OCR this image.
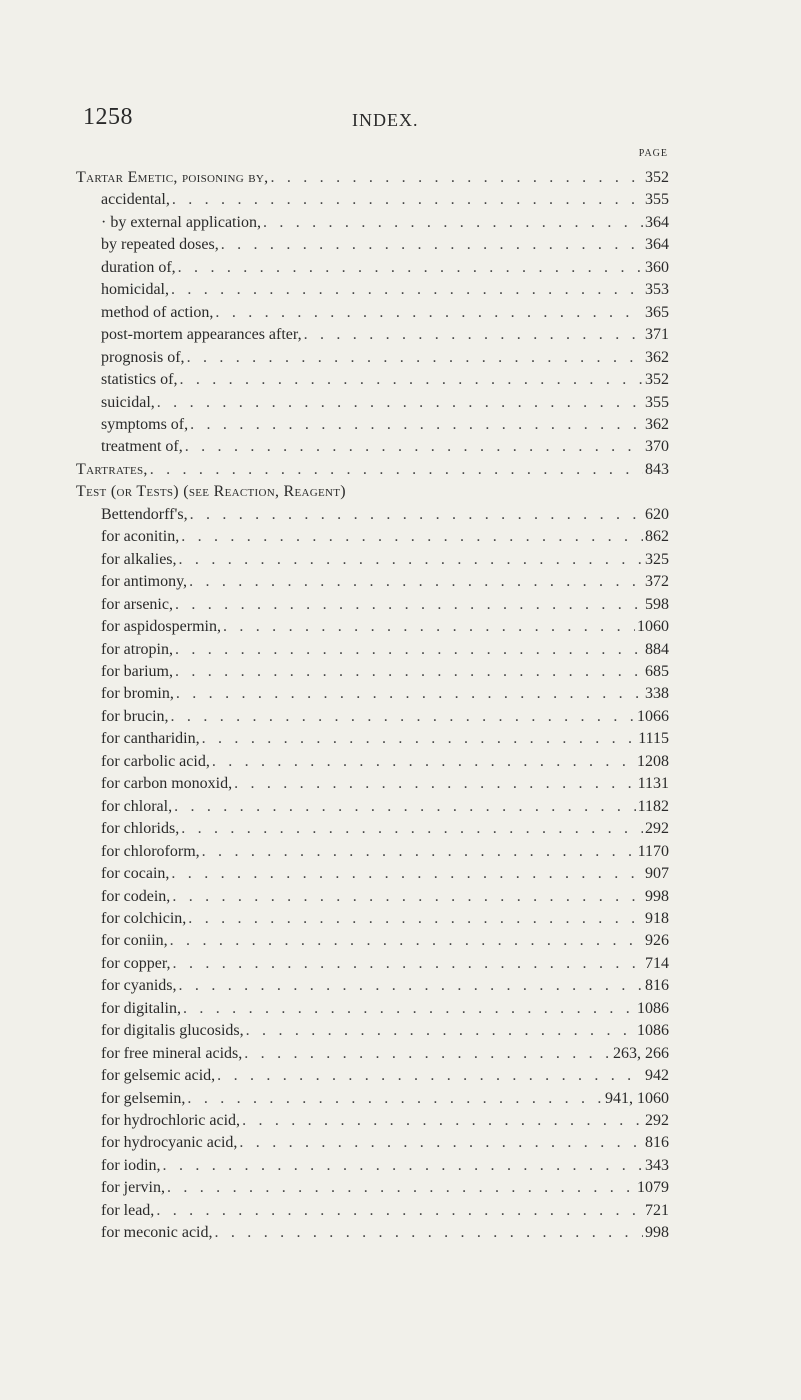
1258	INDEX.
PAGE
Tartar Emetic, poisoning by, . . .	352
accidental, . . .	355
· by external application, . . .	364
by repeated doses, . . .	364
duration of, . . .	360
homicidal, . . .	353
method of action, . . .	365
post-mortem appearances after, . . .	371
prognosis of, . . .	362
statistics of, . . .	352
suicidal, . . .	355
symptoms of, . . .	362
treatment of, . . .	370
Tartrates, . . .	843
Test (or Tests) (see Reaction, Reagent)
Bettendorff's, . . .	620
for aconitin, . . .	862
for alkalies, . . .	325
for antimony, . . .	372
for arsenic, . . .	598
for aspidospermin, . . .	1060
for atropin, . . .	884
for barium, . . .	685
for bromin, . . .	338
for brucin, . . .	1066
for cantharidin, . . .	1115
for carbolic acid, . . .	1208
for carbon monoxid, . . .	1131
for chloral, . . .	1182
for chlorids, . . .	292
for chloroform, . . .	1170
for cocain, . . .	907
for codein, . . .	998
for colchicin, . . .	918
for coniin, . . .	926
for copper, . . .	714
for cyanids, . . .	816
for digitalin, . . .	1086
for digitalis glucosids, . . .	1086
for free mineral acids, . . .	263, 266
for gelsemic acid, . . .	942
for gelsemin, . . .	941, 1060
for hydrochloric acid, . . .	292
for hydrocyanic acid, . . .	816
for iodin, . . .	343
for jervin, . . .	1079
for lead, . . .	721
for meconic acid, . . .	998
